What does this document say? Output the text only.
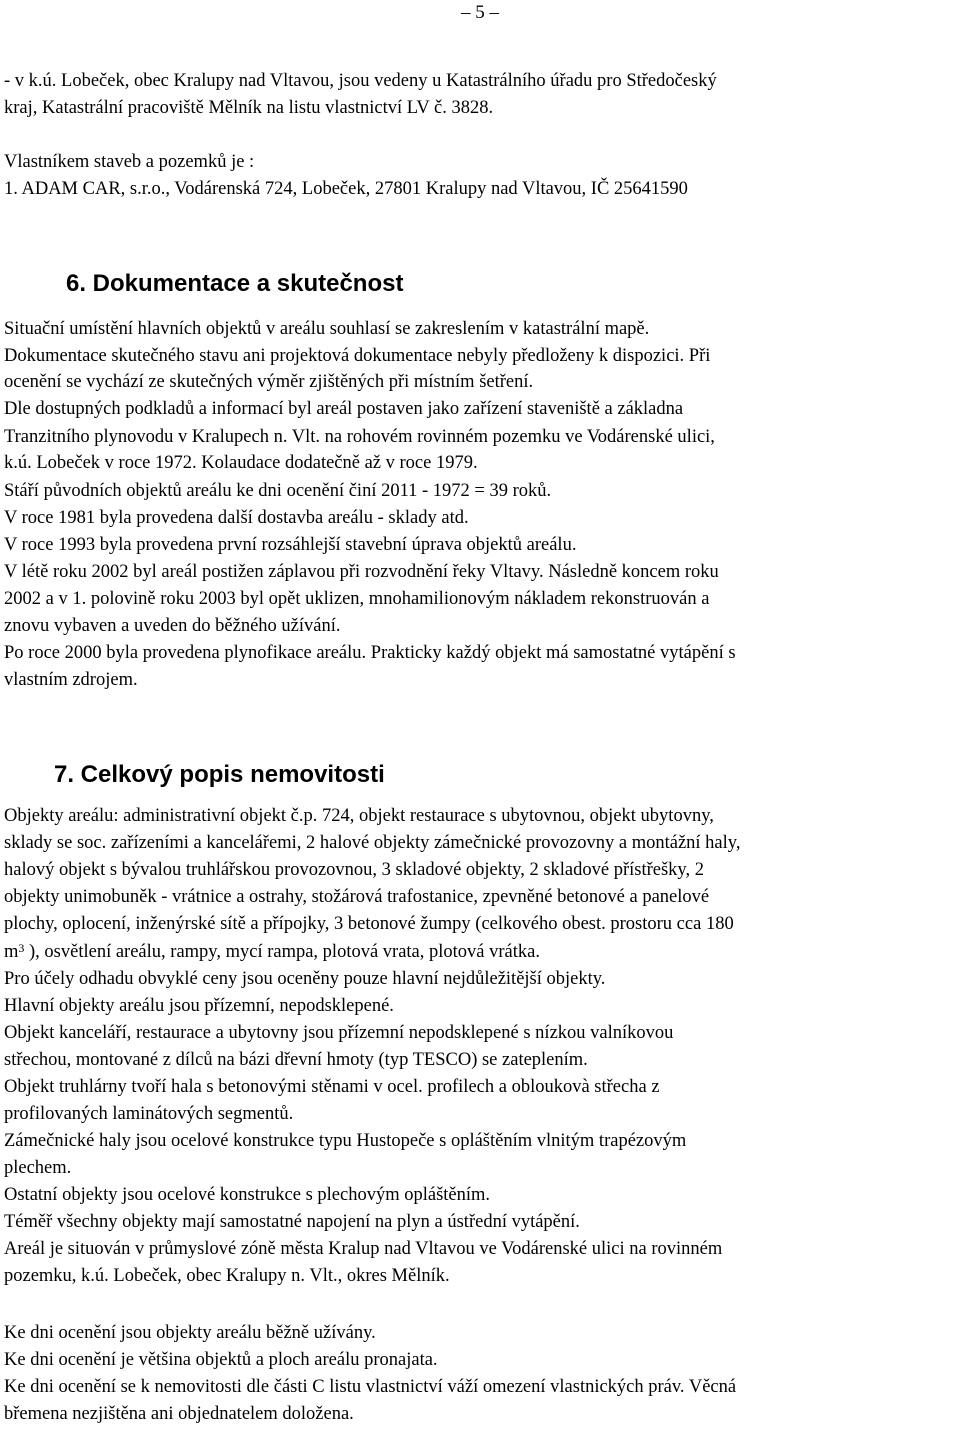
– 5 –
- v k.ú. Lobeček, obec Kralupy nad Vltavou, jsou vedeny u Katastrálního úřadu pro Středočeský
kraj, Katastrální pracoviště Mělník na listu vlastnictví LV č. 3828.
Vlastníkem staveb a pozemků je :
1. ADAM CAR, s.r.o., Vodárenská 724, Lobeček, 27801 Kralupy nad Vltavou, IČ 25641590
6. Dokumentace a skutečnost
Situační umístění hlavních objektů v areálu souhlasí se zakreslením v katastrální mapě.
Dokumentace skutečného stavu ani projektová dokumentace nebyly předloženy k dispozici. Při
ocenění se vychází ze skutečných výměr zjištěných při místním šetření.
Dle dostupných podkladů a informací byl areál postaven jako zařízení staveniště a základna
Tranzitního plynovodu v Kralupech n. Vlt. na rohovém rovinném pozemku ve Vodárenské ulici,
k.ú. Lobeček v roce 1972. Kolaudace dodatečně až v roce 1979.
Stáří původních objektů areálu ke dni ocenění činí 2011 - 1972 = 39 roků.
V roce 1981 byla provedena další dostavba areálu - sklady atd.
V roce 1993 byla provedena první rozsáhlejší stavební úprava objektů areálu.
V létě roku 2002 byl areál postižen záplavou při rozvodnění řeky Vltavy. Následně koncem roku
2002 a v 1. polovině roku 2003 byl opět uklizen, mnohamilionovým nákladem rekonstruován a
znovu vybaven a uveden do běžného užívání.
Po roce 2000 byla provedena plynofikace areálu. Prakticky každý objekt má samostatné vytápění s
vlastním zdrojem.
7. Celkový popis nemovitosti
Objekty areálu: administrativní objekt č.p. 724, objekt restaurace s ubytovnou, objekt ubytovny,
sklady se soc. zařízeními a kancelářemi, 2 halové objekty zámečnické provozovny a montážní haly,
halový objekt s bývalou truhlářskou provozovnou, 3 skladové objekty, 2 skladové přístřešky, 2
objekty unimobuněk - vrátnice a ostrahy, stožárová trafostanice, zpevněné betonové a panelové
plochy, oplocení, inženýrské sítě a přípojky, 3 betonové žumpy (celkového obest. prostoru cca 180
$m^3$ ), osvětlení areálu, rampy, mycí rampa, plotová vrata, plotová vrátka.
Pro účely odhadu obvyklé ceny jsou oceněny pouze hlavní nejdůležitější objekty.
Hlavní objekty areálu jsou přízemní, nepodsklepené.
Objekt kanceláří, restaurace a ubytovny jsou přízemní nepodsklepené s nízkou valníkovou
střechou, montované z dílců na bázi dřevní hmoty (typ TESCO) se zateplením.
Objekt truhlárny tvoří hala s betonovými stěnami v ocel. profilech a obloukovà střecha z
profilovaných laminátových segmentů.
Zámečnické haly jsou ocelové konstrukce typu Hustopeče s opláštěním vlnitým trapézovým
plechem.
Ostatní objekty jsou ocelové konstrukce s plechovým opláštěním.
Téměř všechny objekty mají samostatné napojení na plyn a ústřední vytápění.
Areál je situován v průmyslové zóně města Kralup nad Vltavou ve Vodárenské ulici na rovinném
pozemku, k.ú. Lobeček, obec Kralupy n. Vlt., okres Mělník.
Ke dni ocenění jsou objekty areálu běžně užívány.
Ke dni ocenění je většina objektů a ploch areálu pronajata.
Ke dni ocenění se k nemovitosti dle části C listu vlastnictví váží omezení vlastnických práv. Věcná
břemena nezjištěna ani objednatelem doložena.
